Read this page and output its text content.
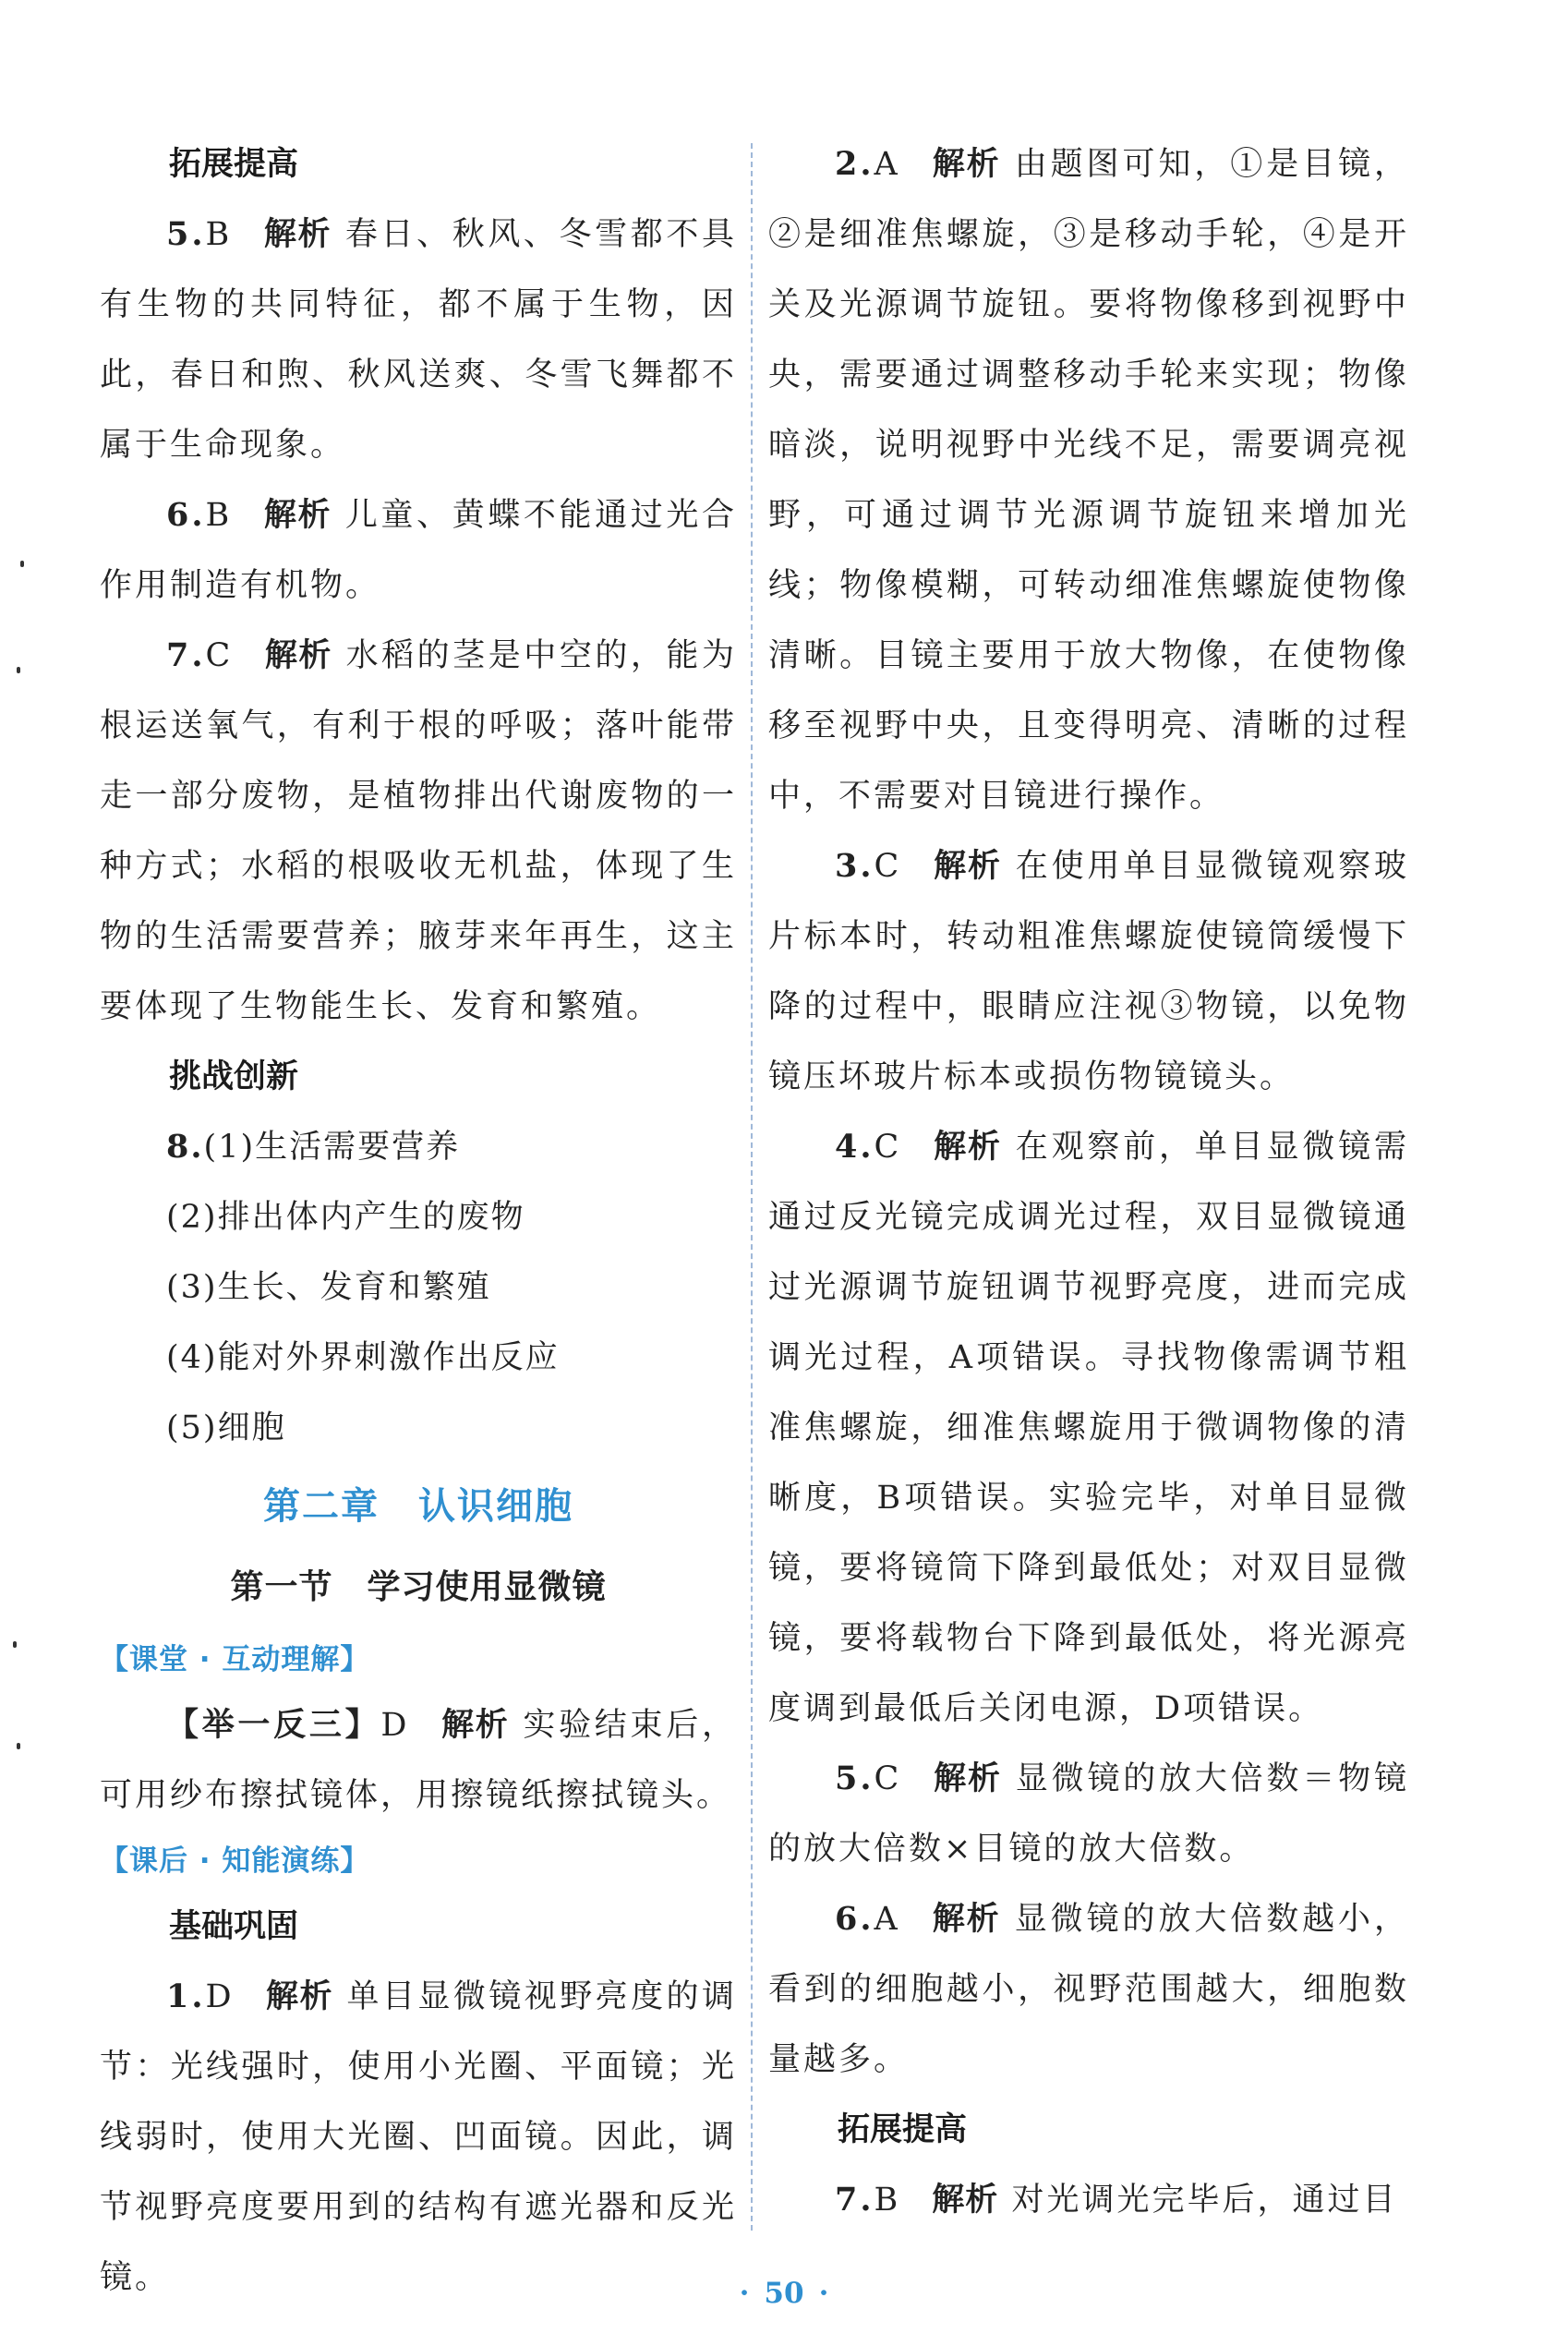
拓展提高

5.B 解析 春日、秋风、冬雪都不具有生物的共同特征，都不属于生物，因此，春日和煦、秋风送爽、冬雪飞舞都不属于生命现象。

6.B 解析 儿童、黄蝶不能通过光合作用制造有机物。

7.C 解析 水稻的茎是中空的，能为根运送氧气，有利于根的呼吸；落叶能带走一部分废物，是植物排出代谢废物的一种方式；水稻的根吸收无机盐，体现了生物的生活需要营养；腋芽来年再生，这主要体现了生物能生长、发育和繁殖。

挑战创新

8.(1)生活需要营养

(2)排出体内产生的废物

(3)生长、发育和繁殖

(4)能对外界刺激作出反应

(5)细胞

第二章　认识细胞

第一节　学习使用显微镜

【课堂 · 互动理解】

【举一反三】D 解析 实验结束后，可用纱布擦拭镜体，用擦镜纸擦拭镜头。

【课后 · 知能演练】

基础巩固

1.D 解析 单目显微镜视野亮度的调节：光线强时，使用小光圈、平面镜；光线弱时，使用大光圈、凹面镜。因此，调节视野亮度要用到的结构有遮光器和反光镜。

2.A 解析 由题图可知，①是目镜，②是细准焦螺旋，③是移动手轮，④是开关及光源调节旋钮。要将物像移到视野中央，需要通过调整移动手轮来实现；物像暗淡，说明视野中光线不足，需要调亮视野，可通过调节光源调节旋钮来增加光线；物像模糊，可转动细准焦螺旋使物像清晰。目镜主要用于放大物像，在使物像移至视野中央，且变得明亮、清晰的过程中，不需要对目镜进行操作。

3.C 解析 在使用单目显微镜观察玻片标本时，转动粗准焦螺旋使镜筒缓慢下降的过程中，眼睛应注视③物镜，以免物镜压坏玻片标本或损伤物镜镜头。

4.C 解析 在观察前，单目显微镜需通过反光镜完成调光过程，双目显微镜通过光源调节旋钮调节视野亮度，进而完成调光过程，A项错误。寻找物像需调节粗准焦螺旋，细准焦螺旋用于微调物像的清晰度，B项错误。实验完毕，对单目显微镜，要将镜筒下降到最低处；对双目显微镜，要将载物台下降到最低处，将光源亮度调到最低后关闭电源，D项错误。

5.C 解析 显微镜的放大倍数＝物镜的放大倍数×目镜的放大倍数。

6.A 解析 显微镜的放大倍数越小，看到的细胞越小，视野范围越大，细胞数量越多。

拓展提高

7.B 解析 对光调光完毕后，通过目

· 50 ·
